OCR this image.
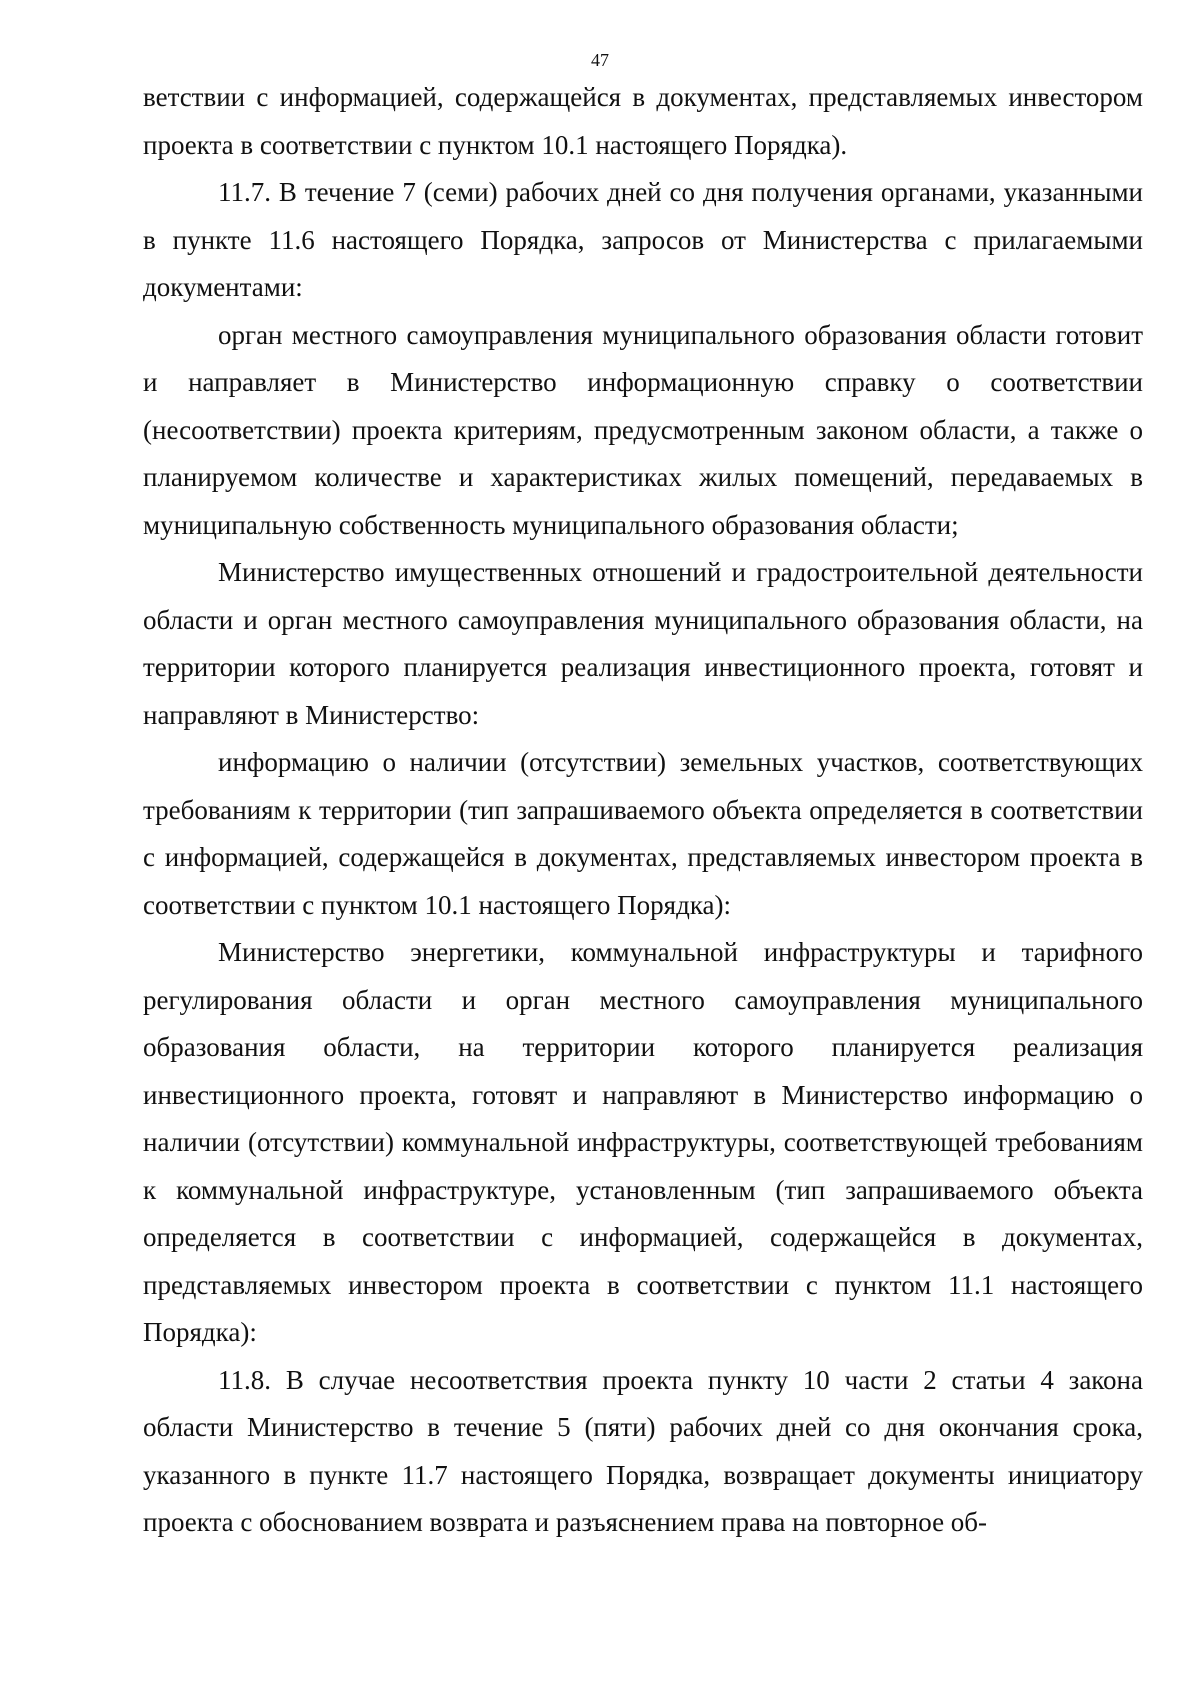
47

ветствии с информацией, содержащейся в документах, представляемых инвестором проекта в соответствии с пунктом 10.1 настоящего Порядка).

11.7. В течение 7 (семи) рабочих дней со дня получения органами, указанными в пункте 11.6 настоящего Порядка, запросов от Министерства с прилагаемыми документами:

орган местного самоуправления муниципального образования области готовит и направляет в Министерство информационную справку о соответствии (несоответствии) проекта критериям, предусмотренным законом области, а также о планируемом количестве и характеристиках жилых помещений, передаваемых в муниципальную собственность муниципального образования области;

Министерство имущественных отношений и градостроительной деятельности области и орган местного самоуправления муниципального образования области, на территории которого планируется реализация инвестиционного проекта, готовят и направляют в Министерство:

информацию о наличии (отсутствии) земельных участков, соответствующих требованиям к территории (тип запрашиваемого объекта определяется в соответствии с информацией, содержащейся в документах, представляемых инвестором проекта в соответствии с пунктом 10.1 настоящего Порядка):

Министерство энергетики, коммунальной инфраструктуры и тарифного регулирования области и орган местного самоуправления муниципального образования области, на территории которого планируется реализация инвестиционного проекта, готовят и направляют в Министерство информацию о наличии (отсутствии) коммунальной инфраструктуры, соответствующей требованиям к коммунальной инфраструктуре, установленным (тип запрашиваемого объекта определяется в соответствии с информацией, содержащейся в документах, представляемых инвестором проекта в соответствии с пунктом 11.1 настоящего Порядка):

11.8. В случае несоответствия проекта пункту 10 части 2 статьи 4 закона области Министерство в течение 5 (пяти) рабочих дней со дня окончания срока, указанного в пункте 11.7 настоящего Порядка, возвращает документы инициатору проекта с обоснованием возврата и разъяснением права на повторное об-
